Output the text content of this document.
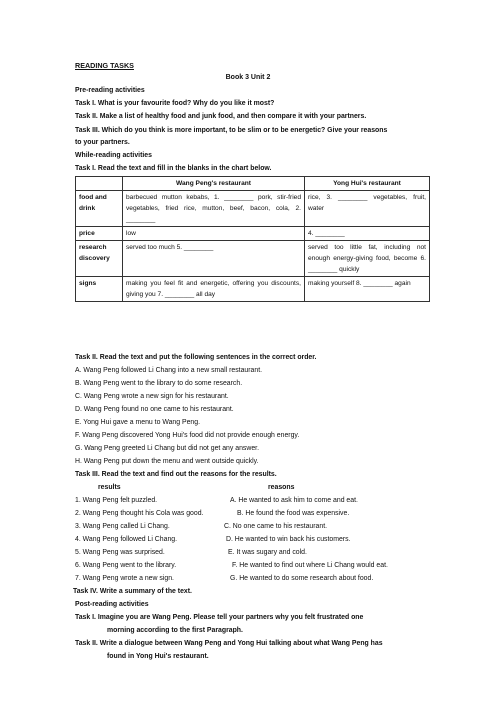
READING TASKS
Book 3 Unit 2
Pre-reading activities
Task I. What is your favourite food? Why do you like it most?
Task II. Make a list of healthy food and junk food, and then compare it with your partners.
Task III. Which do you think is more important, to be slim or to be energetic? Give your reasons
to your partners.
While-reading activities
Task I. Read the text and fill in the blanks in the chart below.
	Wang Peng's restaurant	Yong Hui's restaurant
food and drink	barbecued mutton kebabs, 1. ________ pork, stir-fried vegetables, fried rice, mutton, beef, bacon, cola, 2. ________	rice, 3. ________ vegetables, fruit, water
price	low	4. ________
research discovery	served too much 5. ________	served too little fat, including not enough energy-giving food, become 6. ________ quickly
signs	making you feel fit and energetic, offering you discounts, giving you 7. ________ all day	making yourself 8. ________ again
Task II. Read the text and put the following sentences in the correct order.
A. Wang Peng followed Li Chang into a new small restaurant.
B. Wang Peng went to the library to do some research.
C. Wang Peng wrote a new sign for his restaurant.
D. Wang Peng found no one came to his restaurant.
E. Yong Hui gave a menu to Wang Peng.
F. Wang Peng discovered Yong Hui's food did not provide enough energy.
G. Wang Peng greeted Li Chang but did not get any answer.
H. Wang Peng put down the menu and went outside quickly.
Task III. Read the text and find out the reasons for the results.
results	reasons
1. Wang Peng felt puzzled.	A. He wanted to ask him to come and eat.
2. Wang Peng thought his Cola was good.	B. He found the food was expensive.
3. Wang Peng called Li Chang.	C. No one came to his restaurant.
4. Wang Peng followed Li Chang.	D. He wanted to win back his customers.
5. Wang Peng was surprised.	E. It was sugary and cold.
6. Wang Peng went to the library.	F. He wanted to find out where Li Chang would eat.
7. Wang Peng wrote a new sign.	G. He wanted to do some research about food.
Task IV. Write a summary of the text.
Post-reading activities
Task I. Imagine you are Wang Peng. Please tell your partners why you felt frustrated one
morning according to the first Paragraph.
Task II. Write a dialogue between Wang Peng and Yong Hui talking about what Wang Peng has
found in Yong Hui's restaurant.
